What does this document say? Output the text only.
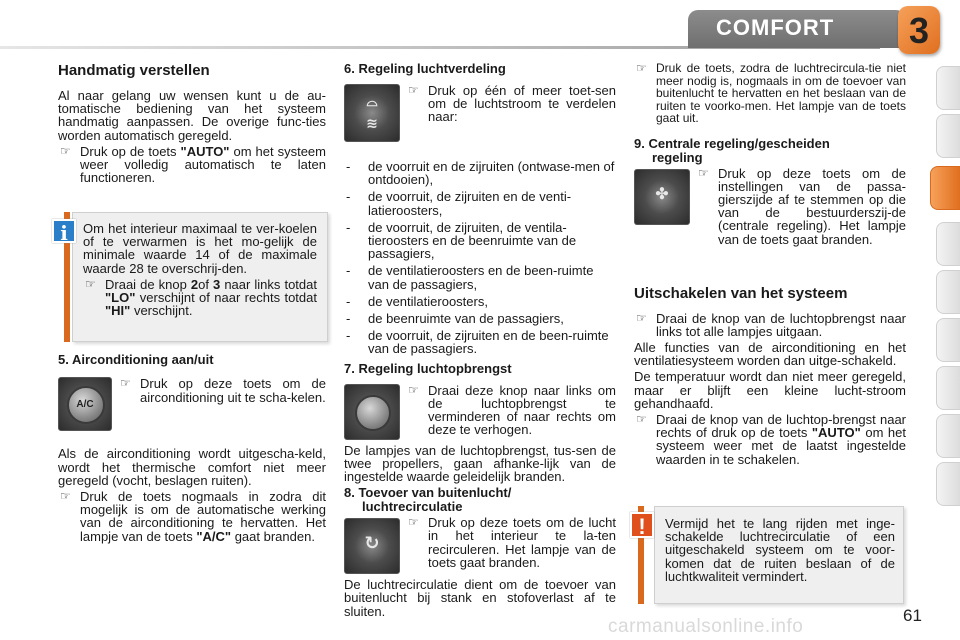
COMFORT	3
Handmatig verstellen

Al naar gelang uw wensen kunt u de au-tomatische bediening van het systeem handmatig aanpassen. De overige func-ties worden automatisch geregeld.

☞ Druk op de toets "AUTO" om het systeem weer volledig automatisch te laten functioneren.
5. Airconditioning aan/uit
A/C
☞ Druk op deze toets om de airconditioning uit te scha-kelen.

Als de airconditioning wordt uitgescha-keld, wordt het thermische comfort niet meer geregeld (vocht, beslagen ruiten).

☞ Druk de toets nogmaals in zodra dit mogelijk is om de automatische werking van de airconditioning te hervatten. Het lampje van de toets "A/C" gaat branden.

Om het interieur maximaal te ver-koelen of te verwarmen is het mo-gelijk de minimale waarde 14 of de maximale waarde 28 te overschrij-den.

☞ Draai de knop 2of 3 naar links totdat "LO" verschijnt of naar rechts totdat "HI" verschijnt.
i
6. Regeling luchtverdeling
⌓
≋
☞ Druk op één of meer toet-sen om de luchtstroom te verdelen naar:
- de voorruit en de zijruiten (ontwase-men of ontdooien),
- de voorruit, de zijruiten en de venti-latieroosters,
- de voorruit, de zijruiten, de ventila-tieroosters en de beenruimte van de passagiers,
- de ventilatieroosters en de been-ruimte van de passagiers,
- de ventilatieroosters,
- de beenruimte van de passagiers,
- de voorruit, de zijruiten en de been-ruimte van de passagiers.
7. Regeling luchtopbrengst
☞ Draai deze knop naar links om de luchtopbrengst te verminderen of naar rechts om deze te verhogen.

De lampjes van de luchtopbrengst, tus-sen de twee propellers, gaan afhanke-lijk van de ingestelde waarde geleidelijk branden.

8. Toevoer van buitenlucht/
luchtrecirculatie
↻
☞ Druk op deze toets om de lucht in het interieur te la-ten recirculeren. Het lampje van de toets gaat branden.

De luchtrecirculatie dient om de toevoer van buitenlucht bij stank en stofoverlast af te sluiten.

☞ Druk de toets, zodra de luchtrecircula-tie niet meer nodig is, nogmaals in om de toevoer van buitenlucht te hervatten en het beslaan van de ruiten te voorko-men. Het lampje van de toets gaat uit.
9. Centrale regeling/gescheiden
regeling
✤
☞ Druk op deze toets om de instellingen van de passa-gierszijde af te stemmen op die van de bestuurderszij-de (centrale regeling). Het lampje van de toets gaat branden.
Uitschakelen van het systeem
☞ Draai de knop van de luchtopbrengst naar links tot alle lampjes uitgaan.

Alle functies van de airconditioning en het ventilatiesysteem worden dan uitge-schakeld.

De temperatuur wordt dan niet meer geregeld, maar er blijft een kleine lucht-stroom gehandhaafd.

☞ Draai de knop van de luchtop-brengst naar rechts of druk op de toets "AUTO" om het systeem weer met de laatst ingestelde waarden in te schakelen.

Vermijd het te lang rijden met inge-schakelde luchtrecirculatie of een uitgeschakeld systeem om te voor-komen dat de ruiten beslaan of de luchtkwaliteit vermindert.

!
61
carmanualsonline.info
